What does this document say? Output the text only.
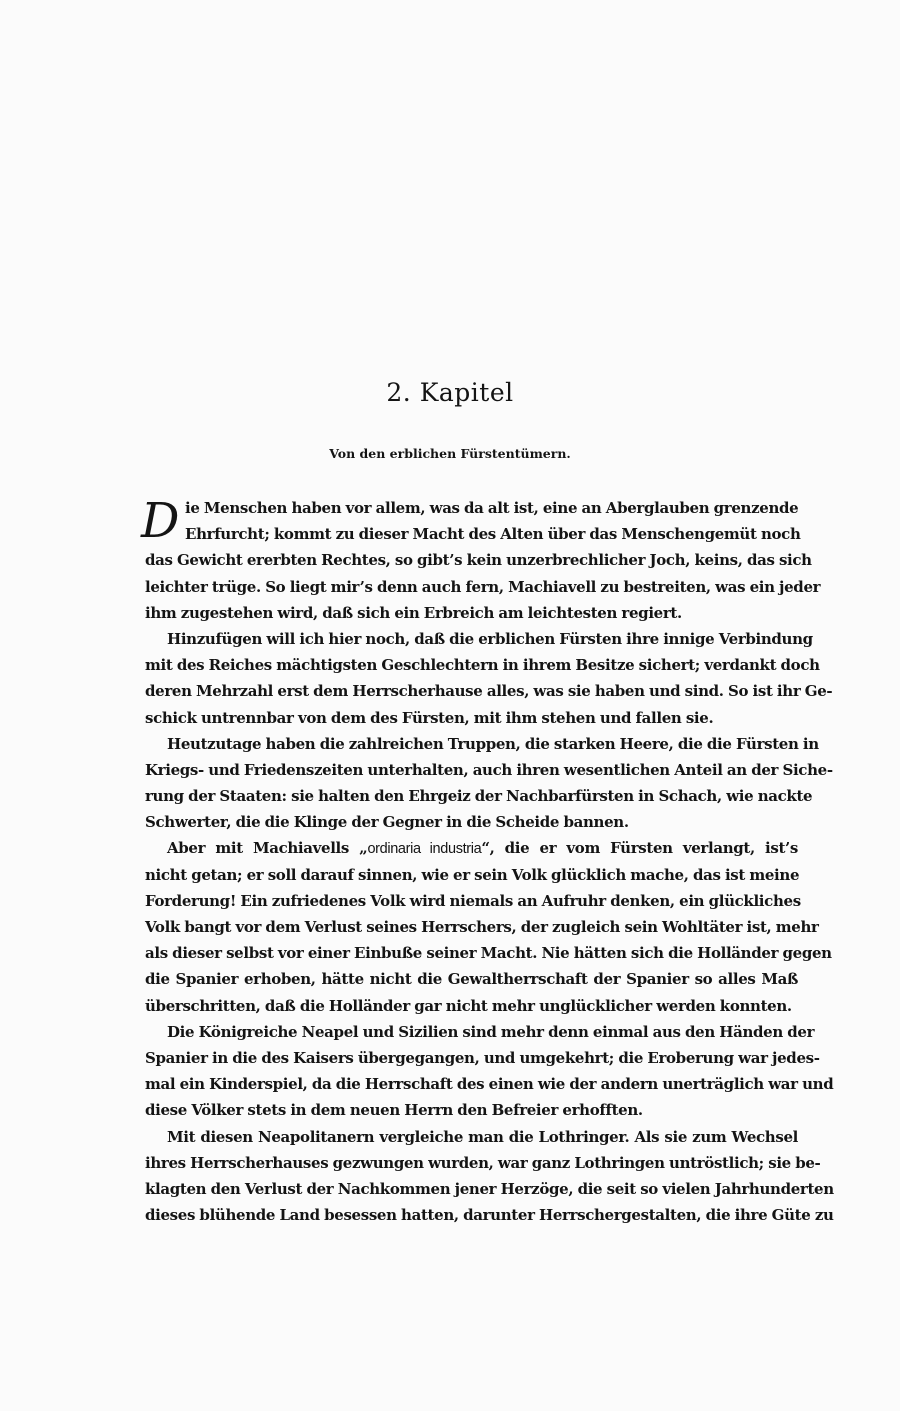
2. Kapitel
Von den erblichen Fürstentümern.
D ie Menschen haben vor allem, was da alt ist, eine an Aberglauben grenzende
Ehrfurcht; kommt zu dieser Macht des Alten über das Menschengemüt noch
das Gewicht ererbten Rechtes, so gibt’s kein unzerbrechlicher Joch, keins, das sich
leichter trüge. So liegt mir’s denn auch fern, Machiavell zu bestreiten, was ein jeder
ihm zugestehen wird, daß sich ein Erbreich am leichtesten regiert.
Hinzufügen will ich hier noch, daß die erblichen Fürsten ihre innige Verbindung
mit des Reiches mächtigsten Geschlechtern in ihrem Besitze sichert; verdankt doch
deren Mehrzahl erst dem Herrscherhause alles, was sie haben und sind. So ist ihr Ge-
schick untrennbar von dem des Fürsten, mit ihm stehen und fallen sie.
Heutzutage haben die zahlreichen Truppen, die starken Heere, die die Fürsten in
Kriegs- und Friedenszeiten unterhalten, auch ihren wesentlichen Anteil an der Siche-
rung der Staaten: sie halten den Ehrgeiz der Nachbarfürsten in Schach, wie nackte
Schwerter, die die Klinge der Gegner in die Scheide bannen.
Aber mit Machiavells „ordinaria industria“, die er vom Fürsten verlangt, ist’s
nicht getan; er soll darauf sinnen, wie er sein Volk glücklich mache, das ist meine
Forderung! Ein zufriedenes Volk wird niemals an Aufruhr denken, ein glückliches
Volk bangt vor dem Verlust seines Herrschers, der zugleich sein Wohltäter ist, mehr
als dieser selbst vor einer Einbuße seiner Macht. Nie hätten sich die Holländer gegen
die Spanier erhoben, hätte nicht die Gewaltherrschaft der Spanier so alles Maß
überschritten, daß die Holländer gar nicht mehr unglücklicher werden konnten.
Die Königreiche Neapel und Sizilien sind mehr denn einmal aus den Händen der
Spanier in die des Kaisers übergegangen, und umgekehrt; die Eroberung war jedes-
mal ein Kinderspiel, da die Herrschaft des einen wie der andern unerträglich war und
diese Völker stets in dem neuen Herrn den Befreier erhofften.
Mit diesen Neapolitanern vergleiche man die Lothringer. Als sie zum Wechsel
ihres Herrscherhauses gezwungen wurden, war ganz Lothringen untröstlich; sie be-
klagten den Verlust der Nachkommen jener Herzöge, die seit so vielen Jahrhunderten
dieses blühende Land besessen hatten, darunter Herrschergestalten, die ihre Güte zu
